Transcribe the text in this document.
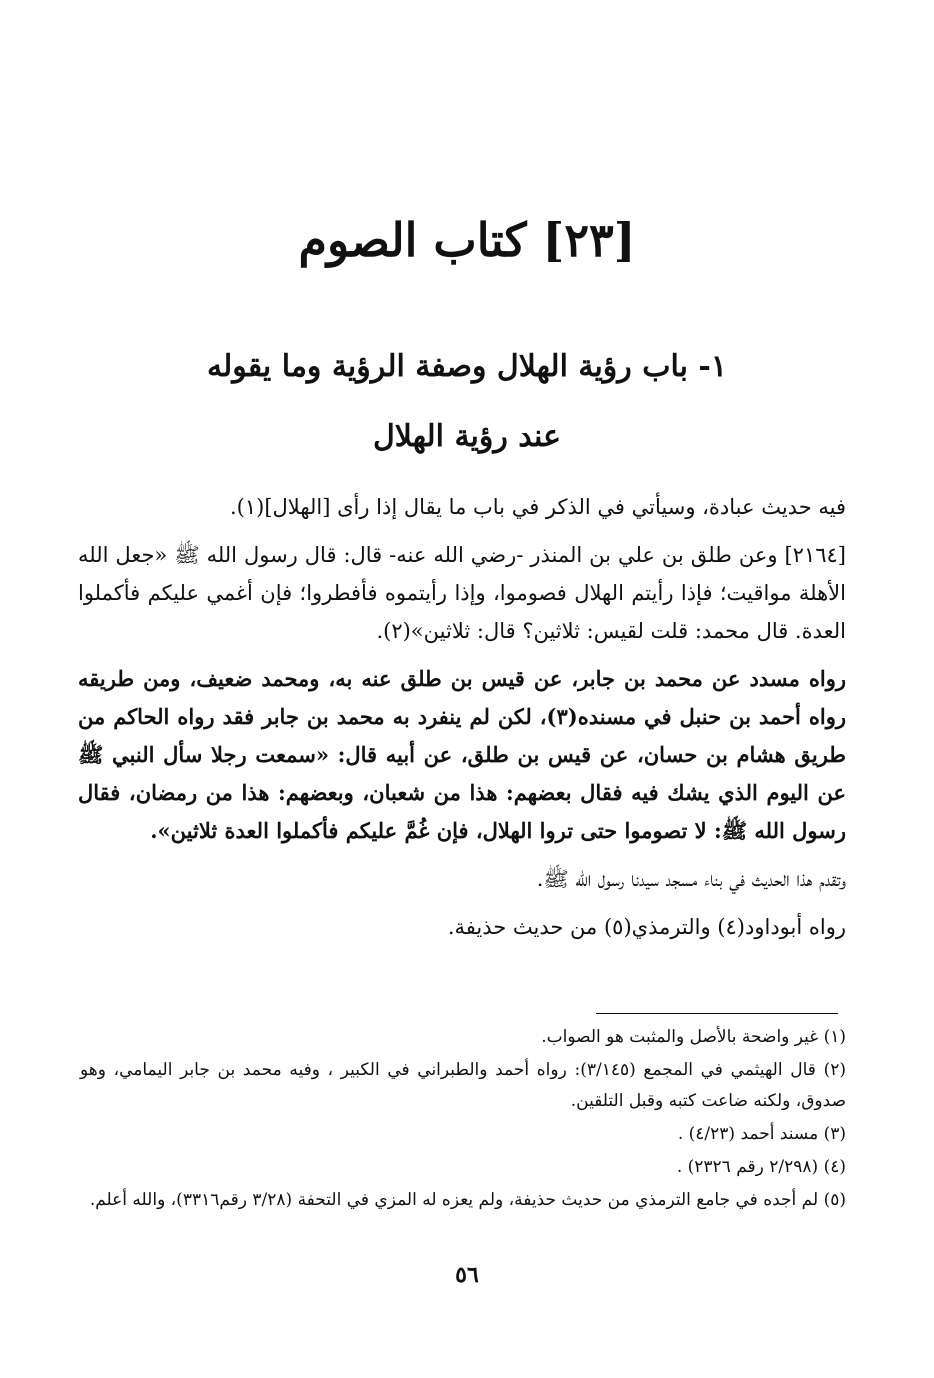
[٢٣] كتاب الصوم
١- باب رؤية الهلال وصفة الرؤية وما يقوله
عند رؤية الهلال

فيه حديث عبادة، وسيأتي في الذكر في باب ما يقال إذا رأى [الهلال](١).

[٢١٦٤] وعن طلق بن علي بن المنذر -رضي الله عنه- قال: قال رسول الله ﷺ «جعل الله الأهلة مواقيت؛ فإذا رأيتم الهلال فصوموا، وإذا رأيتموه فأفطروا؛ فإن أغمي عليكم فأكملوا العدة. قال محمد: قلت لقيس: ثلاثين؟ قال: ثلاثين»(٢).

رواه مسدد عن محمد بن جابر، عن قيس بن طلق عنه به، ومحمد ضعيف، ومن طريقه رواه أحمد بن حنبل في مسنده(٣)، لكن لم ينفرد به محمد بن جابر فقد رواه الحاكم من طريق هشام بن حسان، عن قيس بن طلق، عن أبيه قال: «سمعت رجلا سأل النبي ﷺ عن اليوم الذي يشك فيه فقال بعضهم: هذا من شعبان، وبعضهم: هذا من رمضان، فقال رسول الله ﷺ: لا تصوموا حتى تروا الهلال، فإن غُمَّ عليكم فأكملوا العدة ثلاثين».

وتقدم هذا الحديث في بناء مسجد سيدنا رسول الله ﷺ.

رواه أبوداود(٤) والترمذي(٥) من حديث حذيفة.

(١) غير واضحة بالأصل والمثبت هو الصواب.
(٢) قال الهيثمي في المجمع (٣/١٤٥): رواه أحمد والطبراني في الكبير ، وفيه محمد بن جابر اليمامي، وهو صدوق، ولكنه ضاعت كتبه وقبل التلقين.
(٣) مسند أحمد (٤/٢٣) .
(٤) (٢/٢٩٨ رقم ٢٣٢٦) .
(٥) لم أجده في جامع الترمذي من حديث حذيفة، ولم يعزه له المزي في التحفة (٣/٢٨ رقم٣٣١٦)، والله أعلم.
٥٦
